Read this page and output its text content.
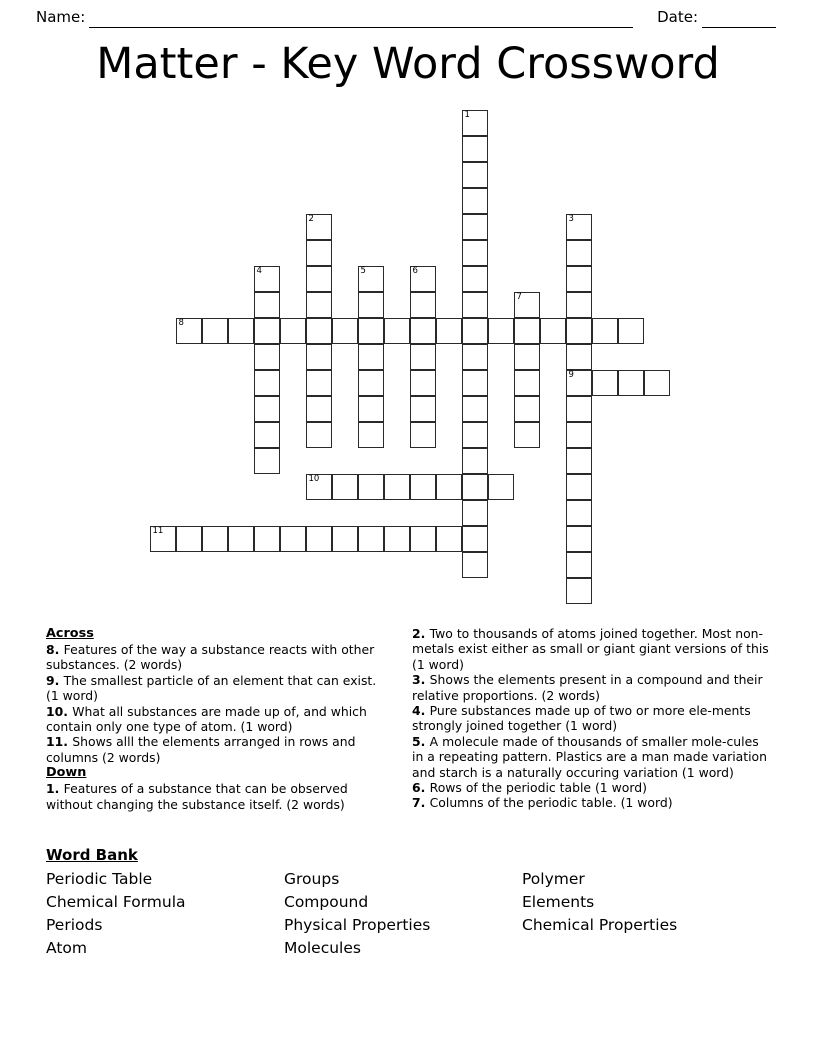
Name:	Date:
Matter - Key Word Crossword
1
2	3
4	5	6
7
8
9
10
11
Across
8. Features of the way a substance reacts with other substances. (2 words)
9. The smallest particle of an element that can exist. (1 word)
10. What all substances are made up of, and which contain only one type of atom. (1 word)
11. Shows alll the elements arranged in rows and columns (2 words)
Down
1. Features of a substance that can be observed without changing the substance itself. (2 words)
2. Two to thousands of atoms joined together. Most non-metals exist either as small or giant giant versions of this (1 word)
3. Shows the elements present in a compound and their relative proportions. (2 words)
4. Pure substances made up of two or more ele-ments strongly joined together (1 word)
5. A molecule made of thousands of smaller mole-cules in a repeating pattern. Plastics are a man made variation and starch is a naturally occuring variation (1 word)
6. Rows of the periodic table (1 word)
7. Columns of the periodic table. (1 word)
Word Bank
Periodic Table	Groups	Polymer
Chemical Formula	Compound	Elements
Periods	Physical Properties	Chemical Properties
Atom	Molecules
